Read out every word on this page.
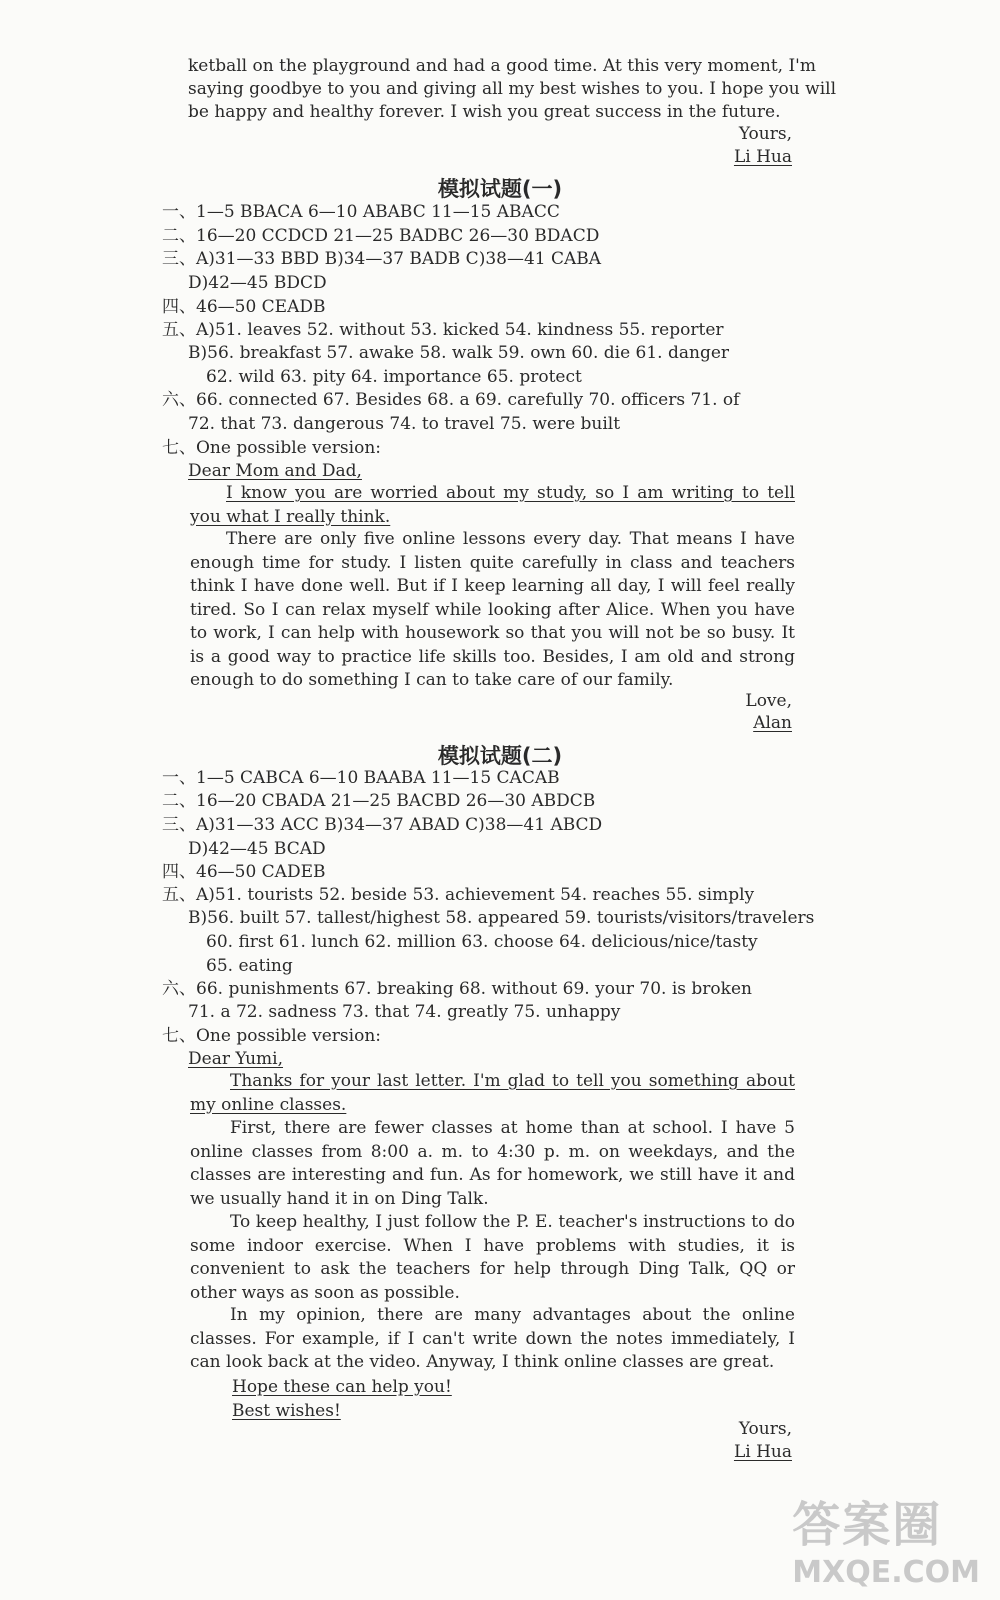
ketball on the playground and had a good time. At this very moment, I'm
saying goodbye to you and giving all my best wishes to you. I hope you will
be happy and healthy forever. I wish you great success in the future.
Yours,
Li Hua
模拟试题(一)
一、1—5 BBACA 6—10 ABABC 11—15 ABACC
二、16—20 CCDCD 21—25 BADBC 26—30 BDACD
三、A)31—33 BBD B)34—37 BADB C)38—41 CABA
D)42—45 BDCD
四、46—50 CEADB
五、A)51. leaves 52. without 53. kicked 54. kindness 55. reporter
B)56. breakfast 57. awake 58. walk 59. own 60. die 61. danger
62. wild 63. pity 64. importance 65. protect
六、66. connected 67. Besides 68. a 69. carefully 70. officers 71. of
72. that 73. dangerous 74. to travel 75. were built
七、One possible version:
Dear Mom and Dad,
I know you are worried about my study, so I am writing to tell you what I really think.
There are only five online lessons every day. That means I have enough time for study. I listen quite carefully in class and teachers think I have done well. But if I keep learning all day, I will feel really tired. So I can relax myself while looking after Alice. When you have to work, I can help with housework so that you will not be so busy. It is a good way to practice life skills too. Besides, I am old and strong enough to do something I can to take care of our family.
Love,
Alan
模拟试题(二)
一、1—5 CABCA 6—10 BAABA 11—15 CACAB
二、16—20 CBADA 21—25 BACBD 26—30 ABDCB
三、A)31—33 ACC B)34—37 ABAD C)38—41 ABCD
D)42—45 BCAD
四、46—50 CADEB
五、A)51. tourists 52. beside 53. achievement 54. reaches 55. simply
B)56. built 57. tallest/highest 58. appeared 59. tourists/visitors/travelers
60. first 61. lunch 62. million 63. choose 64. delicious/nice/tasty
65. eating
六、66. punishments 67. breaking 68. without 69. your 70. is broken
71. a 72. sadness 73. that 74. greatly 75. unhappy
七、One possible version:
Dear Yumi,
Thanks for your last letter. I'm glad to tell you something about my online classes.
First, there are fewer classes at home than at school. I have 5 online classes from 8:00 a. m. to 4:30 p. m. on weekdays, and the classes are interesting and fun. As for homework, we still have it and we usually hand it in on Ding Talk.
To keep healthy, I just follow the P. E. teacher's instructions to do some indoor exercise. When I have problems with studies, it is convenient to ask the teachers for help through Ding Talk, QQ or other ways as soon as possible.
In my opinion, there are many advantages about the online classes. For example, if I can't write down the notes immediately, I can look back at the video. Anyway, I think online classes are great.
Hope these can help you!
Best wishes!
Yours,
Li Hua
答案圈
MXQE.COM
